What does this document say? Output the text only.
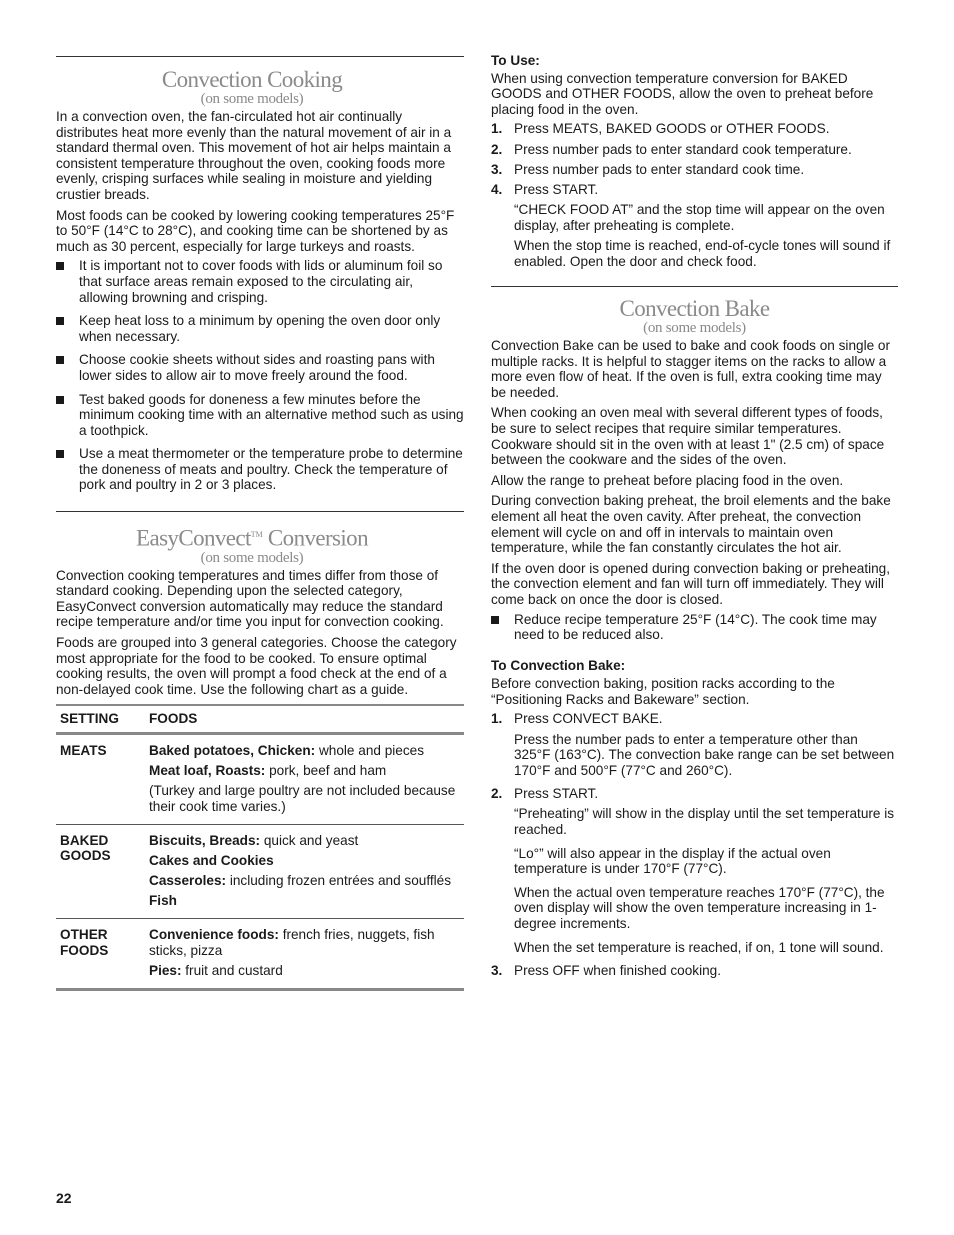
Convection Cooking
(on some models)

In a convection oven, the fan-circulated hot air continually distributes heat more evenly than the natural movement of air in a standard thermal oven. This movement of hot air helps maintain a consistent temperature throughout the oven, cooking foods more evenly, crisping surfaces while sealing in moisture and yielding crustier breads.

Most foods can be cooked by lowering cooking temperatures 25°F to 50°F (14°C to 28°C), and cooking time can be shortened by as much as 30 percent, especially for large turkeys and roasts.

It is important not to cover foods with lids or aluminum foil so that surface areas remain exposed to the circulating air, allowing browning and crisping.
Keep heat loss to a minimum by opening the oven door only when necessary.
Choose cookie sheets without sides and roasting pans with lower sides to allow air to move freely around the food.
Test baked goods for doneness a few minutes before the minimum cooking time with an alternative method such as using a toothpick.
Use a meat thermometer or the temperature probe to determine the doneness of meats and poultry. Check the temperature of pork and poultry in 2 or 3 places.
EasyConvect™ Conversion
(on some models)

Convection cooking temperatures and times differ from those of standard cooking. Depending upon the selected category, EasyConvect conversion automatically may reduce the standard recipe temperature and/or time you input for convection cooking.

Foods are grouped into 3 general categories. Choose the category most appropriate for the food to be cooked. To ensure optimal cooking results, the oven will prompt a food check at the end of a non-delayed cook time. Use the following chart as a guide.

SETTING	FOODS
MEATS	Baked potatoes, Chicken: whole and pieces
Meat loaf, Roasts: pork, beef and ham
(Turkey and large poultry are not included because their cook time varies.)

BAKED GOODS	Biscuits, Breads: quick and yeast
Cakes and Cookies
Casseroles: including frozen entrées and soufflés
Fish

OTHER FOODS	Convenience foods: french fries, nuggets, fish sticks, pizza
Pies: fruit and custard

To Use:

When using convection temperature conversion for BAKED GOODS and OTHER FOODS, allow the oven to preheat before placing food in the oven.

1. Press MEATS, BAKED GOODS or OTHER FOODS.
2. Press number pads to enter standard cook temperature.
3. Press number pads to enter standard cook time.
4. Press START.

“CHECK FOOD AT” and the stop time will appear on the oven display, after preheating is complete.

When the stop time is reached, end-of-cycle tones will sound if enabled. Open the door and check food.

Convection Bake
(on some models)

Convection Bake can be used to bake and cook foods on single or multiple racks. It is helpful to stagger items on the racks to allow a more even flow of heat. If the oven is full, extra cooking time may be needed.

When cooking an oven meal with several different types of foods, be sure to select recipes that require similar temperatures. Cookware should sit in the oven with at least 1" (2.5 cm) of space between the cookware and the sides of the oven.

Allow the range to preheat before placing food in the oven.

During convection baking preheat, the broil elements and the bake element all heat the oven cavity. After preheat, the convection element will cycle on and off in intervals to maintain oven temperature, while the fan constantly circulates the hot air.

If the oven door is opened during convection baking or preheating, the convection element and fan will turn off immediately. They will come back on once the door is closed.

Reduce recipe temperature 25°F (14°C). The cook time may need to be reduced also.

To Convection Bake:

Before convection baking, position racks according to the “Positioning Racks and Bakeware” section.

1. Press CONVECT BAKE.

Press the number pads to enter a temperature other than 325°F (163°C). The convection bake range can be set between 170°F and 500°F (77°C and 260°C).

2. Press START.

“Preheating” will show in the display until the set temperature is reached.

“Lo°” will also appear in the display if the actual oven temperature is under 170°F (77°C).

When the actual oven temperature reaches 170°F (77°C), the oven display will show the oven temperature increasing in 1-degree increments.

When the set temperature is reached, if on, 1 tone will sound.

3. Press OFF when finished cooking.
22
